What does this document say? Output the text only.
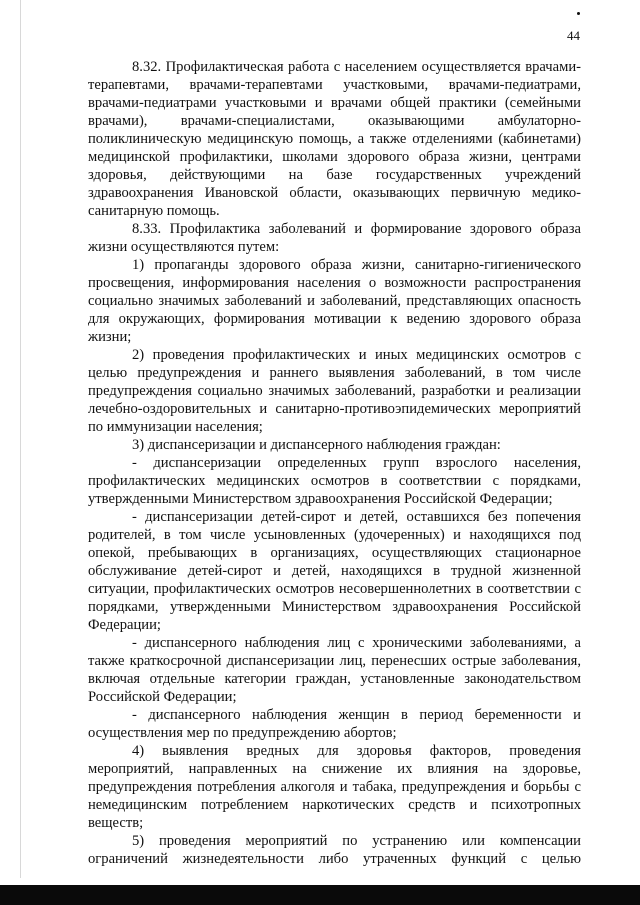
44

8.32. Профилактическая работа с населением осуществляется врачами-терапевтами, врачами-терапевтами участковыми, врачами-педиатрами, врачами-педиатрами участковыми и врачами общей практики (семейными врачами), врачами-специалистами, оказывающими амбулаторно-поликлиническую медицинскую помощь, а также отделениями (кабинетами) медицинской профилактики, школами здорового образа жизни, центрами здоровья, действующими на базе государственных учреждений здравоохранения Ивановской области, оказывающих первичную медико-санитарную помощь.

8.33. Профилактика заболеваний и формирование здорового образа жизни осуществляются путем:

1) пропаганды здорового образа жизни, санитарно-гигиенического просвещения, информирования населения о возможности распространения социально значимых заболеваний и заболеваний, представляющих опасность для окружающих, формирования мотивации к ведению здорового образа жизни;

2) проведения профилактических и иных медицинских осмотров с целью предупреждения и раннего выявления заболеваний, в том числе предупреждения социально значимых заболеваний, разработки и реализации лечебно-оздоровительных и санитарно-противоэпидемических мероприятий по иммунизации населения;

3) диспансеризации и диспансерного наблюдения граждан:

- диспансеризации определенных групп взрослого населения, профилактических медицинских осмотров в соответствии с порядками, утвержденными Министерством здравоохранения Российской Федерации;

- диспансеризации детей-сирот и детей, оставшихся без попечения родителей, в том числе усыновленных (удочеренных) и находящихся под опекой, пребывающих в организациях, осуществляющих стационарное обслуживание детей-сирот и детей, находящихся в трудной жизненной ситуации, профилактических осмотров несовершеннолетних в соответствии с порядками, утвержденными Министерством здравоохранения Российской Федерации;

- диспансерного наблюдения лиц с хроническими заболеваниями, а также краткосрочной диспансеризации лиц, перенесших острые заболевания, включая отдельные категории граждан, установленные законодательством Российской Федерации;

- диспансерного наблюдения женщин в период беременности и осуществления мер по предупреждению абортов;

4) выявления вредных для здоровья факторов, проведения мероприятий, направленных на снижение их влияния на здоровье, предупреждения потребления алкоголя и табака, предупреждения и борьбы с немедицинским потреблением наркотических средств и психотропных веществ;

5) проведения мероприятий по устранению или компенсации ограничений жизнедеятельности либо утраченных функций с целью
